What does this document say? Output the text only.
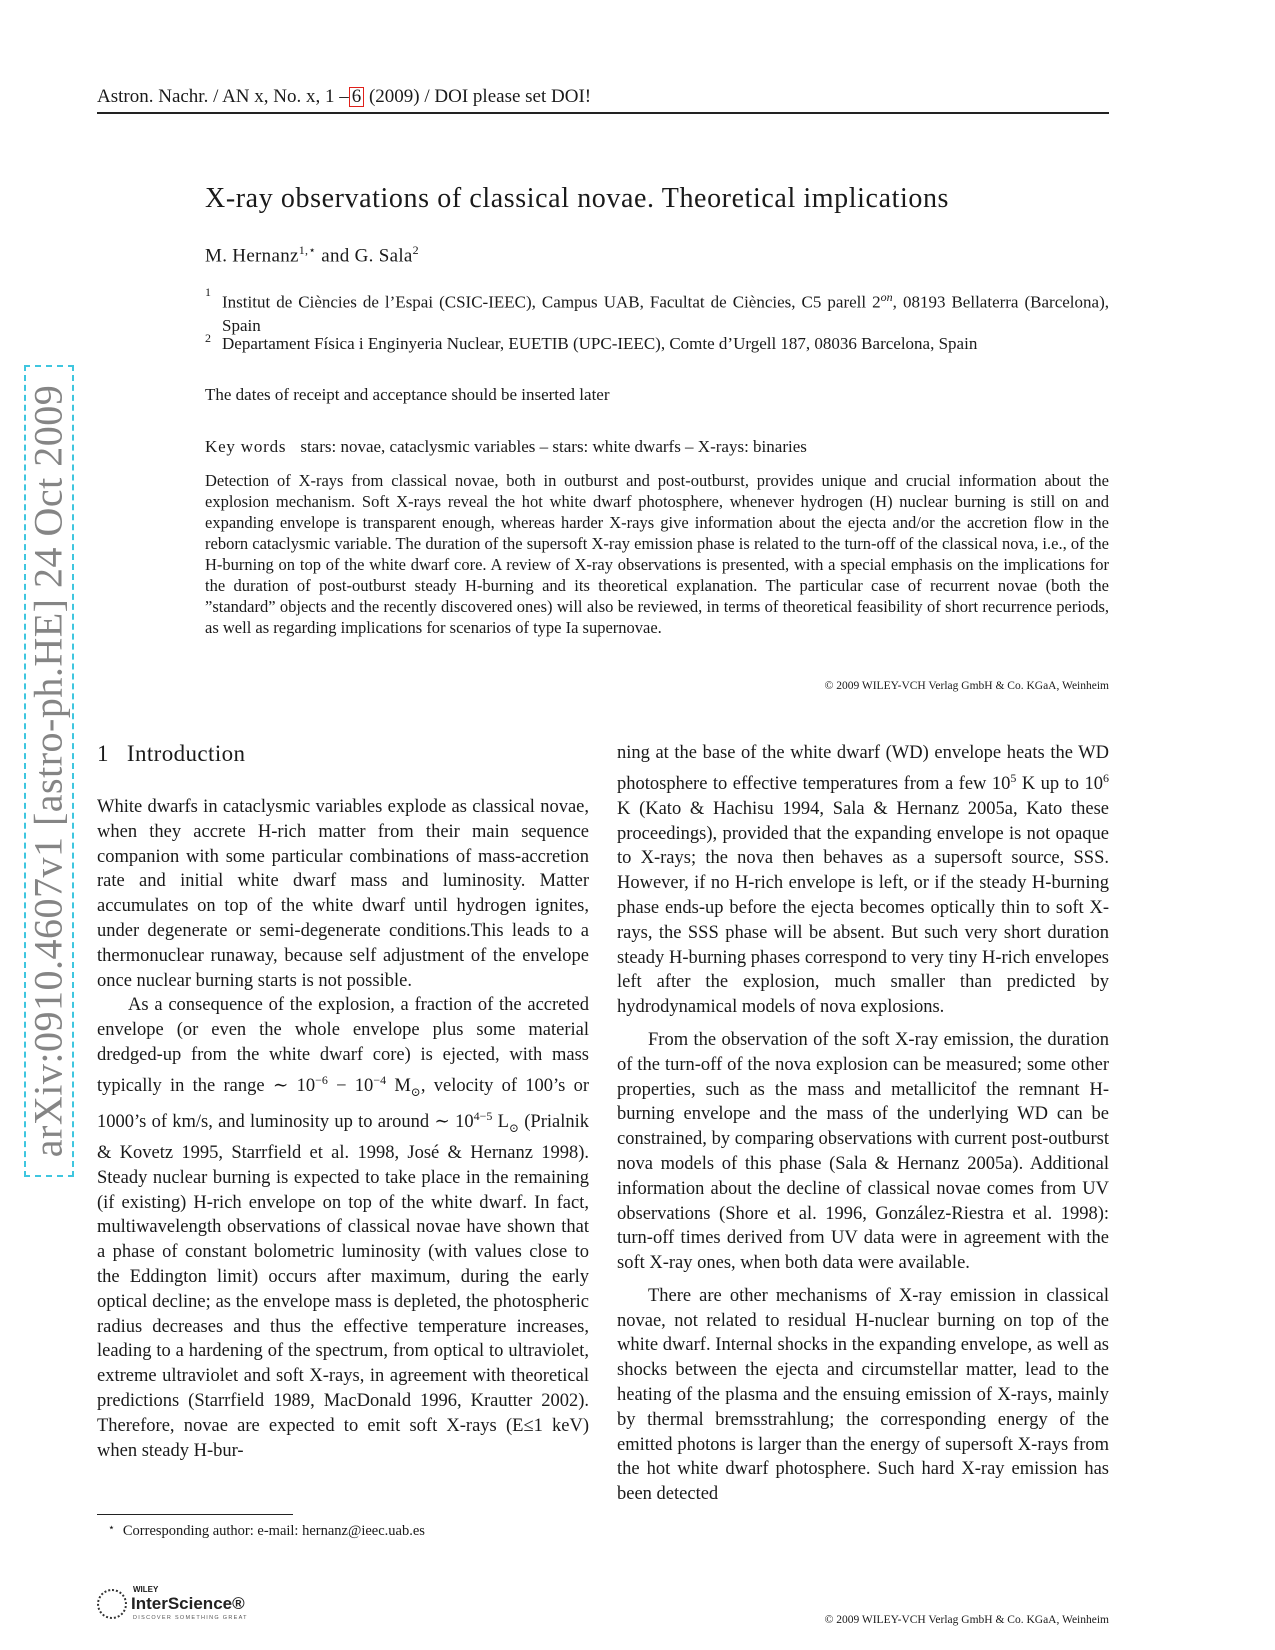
Astron. Nachr. / AN x, No. x, 1 – 6 (2009) / DOI please set DOI!
arXiv:0910.4607v1 [astro-ph.HE] 24 Oct 2009
X-ray observations of classical novae. Theoretical implications
M. Hernanz$^{1,⋆}$ and G. Sala$^2$
1
Institut de Ciències de l’Espai (CSIC-IEEC), Campus UAB, Facultat de Ciències, C5 parell $2^{on}$, 08193 Bellaterra (Barcelona), Spain
2 Departament Física i Enginyeria Nuclear, EUETIB (UPC-IEEC), Comte d’Urgell 187, 08036 Barcelona, Spain
The dates of receipt and acceptance should be inserted later
Key words stars: novae, cataclysmic variables – stars: white dwarfs – X-rays: binaries
Detection of X-rays from classical novae, both in outburst and post-outburst, provides unique and crucial information about the explosion mechanism. Soft X-rays reveal the hot white dwarf photosphere, whenever hydrogen (H) nuclear burning is still on and expanding envelope is transparent enough, whereas harder X-rays give information about the ejecta and/or the accretion flow in the reborn cataclysmic variable. The duration of the supersoft X-ray emission phase is related to the turn-off of the classical nova, i.e., of the H-burning on top of the white dwarf core. A review of X-ray observations is presented, with a special emphasis on the implications for the duration of post-outburst steady H-burning and its theoretical explanation. The particular case of recurrent novae (both the ”standard” objects and the recently discovered ones) will also be reviewed, in terms of theoretical feasibility of short recurrence periods, as well as regarding implications for scenarios of type Ia supernovae.
© 2009 WILEY-VCH Verlag GmbH & Co. KGaA, Weinheim
1 Introduction

White dwarfs in cataclysmic variables explode as classical novae, when they accrete H-rich matter from their main sequence companion with some particular combinations of mass-accretion rate and initial white dwarf mass and luminosity. Matter accumulates on top of the white dwarf until hydrogen ignites, under degenerate or semi-degenerate conditions.This leads to a thermonuclear runaway, because self adjustment of the envelope once nuclear burning starts is not possible.

As a consequence of the explosion, a fraction of the accreted envelope (or even the whole envelope plus some material dredged-up from the white dwarf core) is ejected, with mass typically in the range ∼ $10^{-6} - 10^{-4}$ $M_⊙$, velocity of 100’s or 1000’s of km/s, and luminosity up to around ∼ $10^{4-5}$ $L_⊙$ (Prialnik & Kovetz 1995, Starrfield et al. 1998, José & Hernanz 1998). Steady nuclear burning is expected to take place in the remaining (if existing) H-rich envelope on top of the white dwarf. In fact, multiwavelength observations of classical novae have shown that a phase of constant bolometric luminosity (with values close to the Eddington limit) occurs after maximum, during the early optical decline; as the envelope mass is depleted, the photospheric radius decreases and thus the effective temperature increases, leading to a hardening of the spectrum, from optical to ultraviolet, extreme ultraviolet and soft X-rays, in agreement with theoretical predictions (Starrfield 1989, MacDonald 1996, Krautter 2002). Therefore, novae are expected to emit soft X-rays (E≤1 keV) when steady H-bur-

ning at the base of the white dwarf (WD) envelope heats the WD photosphere to effective temperatures from a few $10^5$ K up to $10^6$ K (Kato & Hachisu 1994, Sala & Hernanz 2005a, Kato these proceedings), provided that the expanding envelope is not opaque to X-rays; the nova then behaves as a supersoft source, SSS. However, if no H-rich envelope is left, or if the steady H-burning phase ends-up before the ejecta becomes optically thin to soft X-rays, the SSS phase will be absent. But such very short duration steady H-burning phases correspond to very tiny H-rich envelopes left after the explosion, much smaller than predicted by hydrodynamical models of nova explosions.

From the observation of the soft X-ray emission, the duration of the turn-off of the nova explosion can be measured; some other properties, such as the mass and metallicitof the remnant H-burning envelope and the mass of the underlying WD can be constrained, by comparing observations with current post-outburst nova models of this phase (Sala & Hernanz 2005a). Additional information about the decline of classical novae comes from UV observations (Shore et al. 1996, González-Riestra et al. 1998): turn-off times derived from UV data were in agreement with the soft X-ray ones, when both data were available.

There are other mechanisms of X-ray emission in classical novae, not related to residual H-nuclear burning on top of the white dwarf. Internal shocks in the expanding envelope, as well as shocks between the ejecta and circumstellar matter, lead to the heating of the plasma and the ensuing emission of X-rays, mainly by thermal bremsstrahlung; the corresponding energy of the emitted photons is larger than the energy of supersoft X-rays from the hot white dwarf photosphere. Such hard X-ray emission has been detected

⋆ Corresponding author: e-mail: hernanz@ieec.uab.es
WILEY
InterScience®
DISCOVER SOMETHING GREAT	© 2009 WILEY-VCH Verlag GmbH & Co. KGaA, Weinheim
